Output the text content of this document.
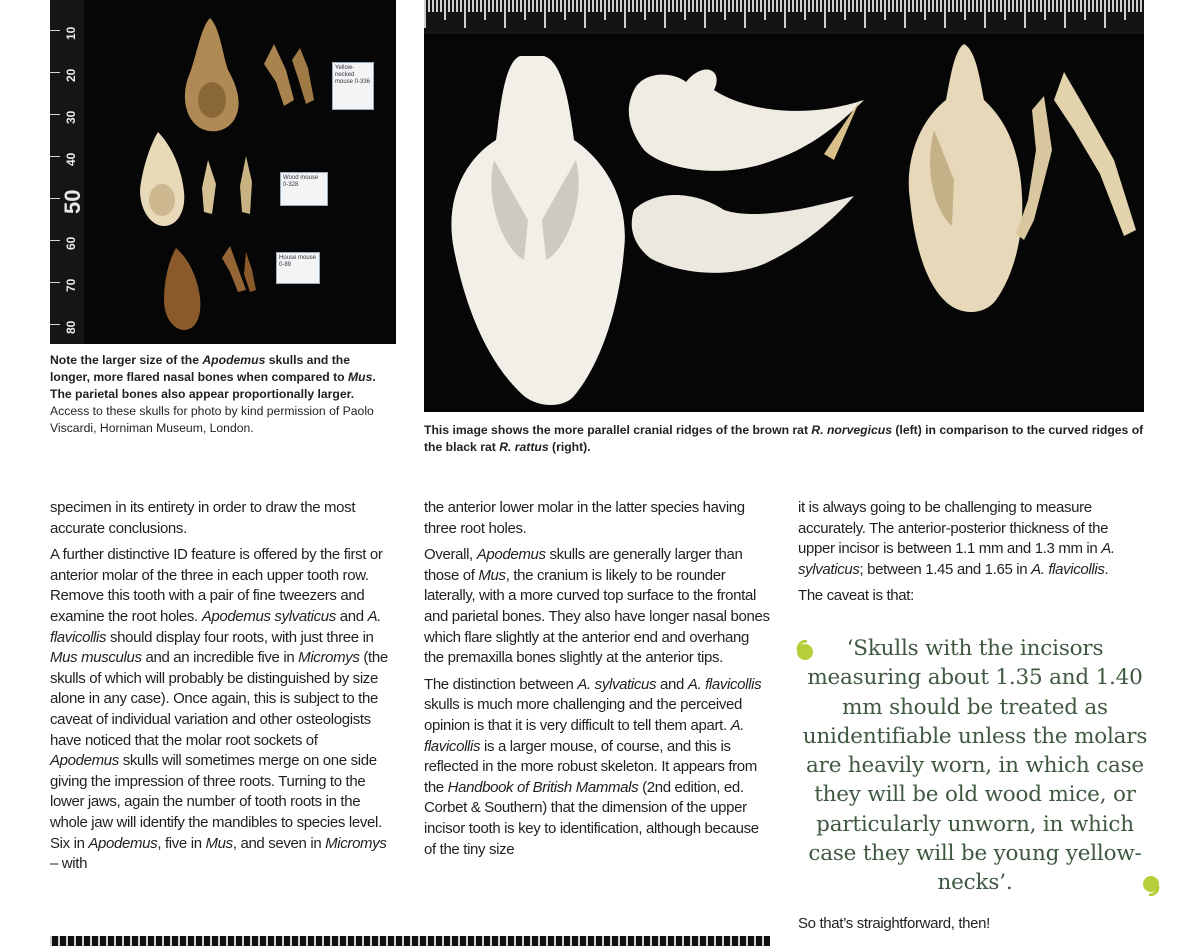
10
20
30
40
50
60
70
80
Yellow-necked mouse 0-336
Wood mouse 0-328
House mouse 0-89
Note the larger size of the Apodemus skulls and the longer, more flared nasal bones when compared to Mus. The parietal bones also appear proportionally larger. Access to these skulls for photo by kind permission of Paolo Viscardi, Horniman Museum, London.	This image shows the more parallel cranial ridges of the brown rat R. norvegicus (left) in comparison to the curved ridges of the black rat R. rattus (right).

specimen in its entirety in order to draw the most accurate conclusions.

A further distinctive ID feature is offered by the first or anterior molar of the three in each upper tooth row. Remove this tooth with a pair of fine tweezers and examine the root holes. Apodemus sylvaticus and A. flavicollis should display four roots, with just three in Mus musculus and an incredible five in Micromys (the skulls of which will probably be distinguished by size alone in any case). Once again, this is subject to the caveat of individual variation and other osteologists have noticed that the molar root sockets of Apodemus skulls will sometimes merge on one side giving the impression of three roots. Turning to the lower jaws, again the number of tooth roots in the whole jaw will identify the mandibles to species level. Six in Apodemus, five in Mus, and seven in Micromys – with

the anterior lower molar in the latter species having three root holes.

Overall, Apodemus skulls are generally larger than those of Mus, the cranium is likely to be rounder laterally, with a more curved top surface to the frontal and parietal bones. They also have longer nasal bones which flare slightly at the anterior end and overhang the premaxilla bones slightly at the anterior tips.

The distinction between A. sylvaticus and A. flavicollis skulls is much more challenging and the perceived opinion is that it is very difficult to tell them apart. A. flavicollis is a larger mouse, of course, and this is reflected in the more robust skeleton. It appears from the Handbook of British Mammals (2nd edition, ed. Corbet & Southern) that the dimension of the upper incisor tooth is key to identification, although because of the tiny size

it is always going to be challenging to measure accurately. The anterior-posterior thickness of the upper incisor is between 1.1 mm and 1.3 mm in A. sylvaticus; between 1.45 and 1.65 in A. flavicollis.

The caveat is that:

‘Skulls with the incisors measuring about 1.35 and 1.40 mm should be treated as unidentifiable unless the molars are heavily worn, in which case they will be old wood mice, or particularly unworn, in which case they will be young yellow-necks’.

So that’s straightforward, then!
